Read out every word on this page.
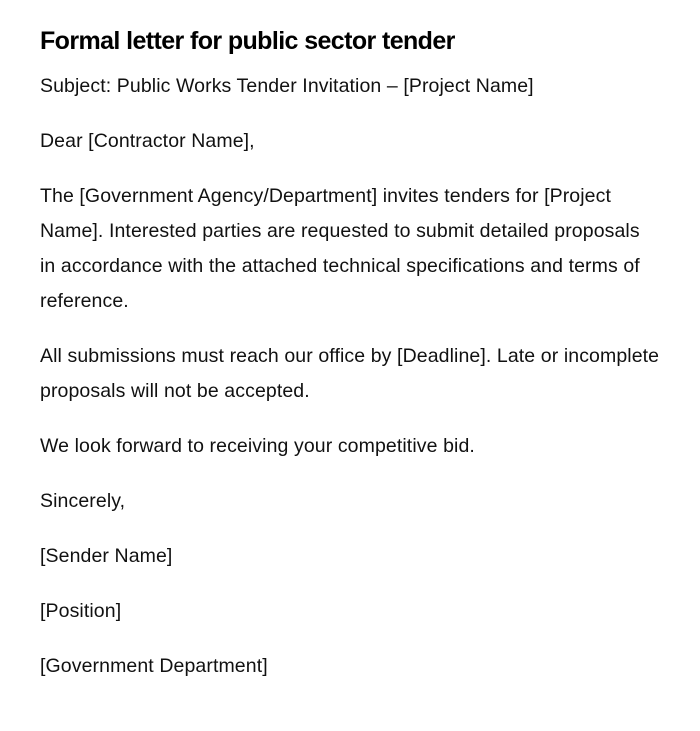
Formal letter for public sector tender

Subject: Public Works Tender Invitation – [Project Name]

Dear [Contractor Name],

The [Government Agency/Department] invites tenders for [Project Name]. Interested parties are requested to submit detailed proposals in accordance with the attached technical specifications and terms of reference.

All submissions must reach our office by [Deadline]. Late or incomplete proposals will not be accepted.

We look forward to receiving your competitive bid.

Sincerely,

[Sender Name]

[Position]

[Government Department]
